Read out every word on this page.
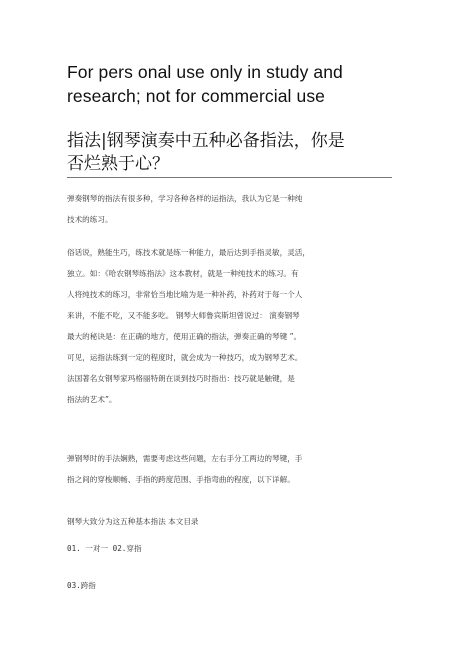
For pers onal use only in study and
research; not for commercial use
指法|钢琴演奏中五种必备指法，你是
否烂熟于心？
弹奏钢琴的指法有很多种，学习各种各样的运指法，我认为它是一种纯
技术的练习。
俗话说，熟能生巧，练技术就是练一种能力，最后达到手指灵敏，灵活，
独立。如：《哈农钢琴练指法》这本教材，就是一种纯技术的练习。有
人将纯技术的练习，非常恰当地比喻为是一种补药，补药对于每一个人
来讲，不能不吃，又不能多吃。 钢琴大师鲁宾斯坦曾说过： 演奏钢琴
最大的秘诀是：在正确的地方，使用正确的指法，弹奏正确的琴键 ”。
可见，运指法练到一定的程度时，就会成为一种技巧，成为钢琴艺术。
法国著名女钢琴家玛格丽特朗在谈到技巧时指出：技巧就是触键，是
指法的艺术”。
弹钢琴时的手法娴熟，需要考虑这些问题，左右手分工两边的琴键，手
指之间的穿梭顺畅、手指的跨度范围、手指弯曲的程度，以下详解。
钢琴大致分为这五种基本指法 本文目录
01. 一对一 02.穿指
03.跨指
